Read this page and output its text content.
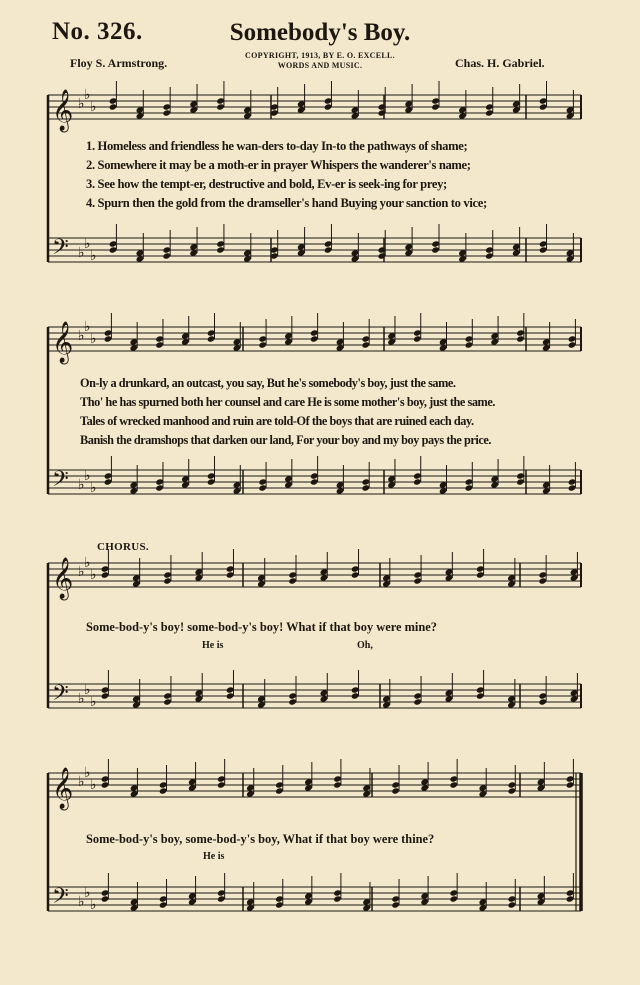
No. 326.	Somebody's Boy.
Floy S. Armstrong.
COPYRIGHT, 1913, BY E. O. EXCELL.
WORDS AND MUSIC.	Chas. H. Gabriel.
𝄞 ♭
♭
♭
𝄢 ♭
♭
♭
𝄞 ♭
♭
♭
𝄢 ♭
♭
♭
𝄞 ♭
♭
♭
𝄢 ♭
♭
♭
𝄞 ♭
♭
♭
𝄢 ♭
♭
♭
1. Homeless and friendless he wan-ders to-day In-to the pathways of shame;
2. Somewhere it may be a moth-er in prayer Whispers the wanderer's name;
3. See how the tempt-er, destructive and bold, Ev-er is seek-ing for prey;
4. Spurn then the gold from the dramseller's hand Buying your sanction to vice;
On-ly a drunkard, an outcast, you say, But he's somebody's boy, just the same.
Tho' he has spurned both her counsel and care He is some mother's boy, just the same.
Tales of wrecked manhood and ruin are told-Of the boys that are ruined each day.
Banish the dramshops that darken our land, For your boy and my boy pays the price.
CHORUS.
Some-bod-y's boy! some-bod-y's boy! What if that boy were mine?
He is	Oh,
Some-bod-y's boy, some-bod-y's boy, What if that boy were thine?
He is
